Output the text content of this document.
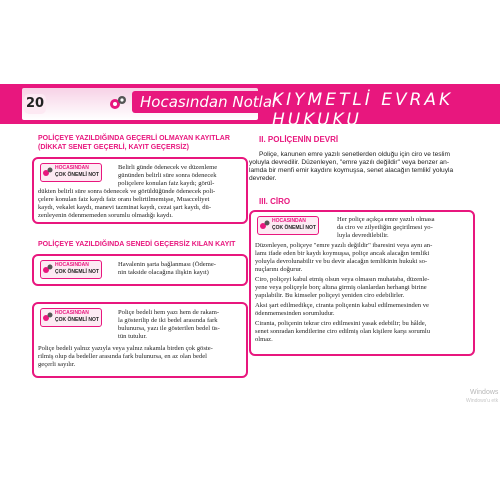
20	Hocasından Notlar
KIYMETLİ EVRAK HUKUKU
POLİÇEYE YAZILDIĞINDA GEÇERLİ OLMAYAN KAYITLAR
(DİKKAT SENET GEÇERLİ, KAYIT GEÇERSİZ)
HOCASINDAN
ÇOK ÖNEMLİ NOT
Belirli günde ödenecek ve düzenleme
gününden belirli süre sonra ödenecek
poliçelere konulan faiz kaydı; görül-
dükten belirli süre sonra ödenecek ve görüldüğünde ödenecek poli-
çelere konulan faiz kaydı faiz oranı belirtilmemişse, Muacceliyet
kaydı, vekalet kaydı, manevi tazminat kaydı, cezai şart kaydı, dü-
zenleyenin ödenmemeden sorumlu olmadığı kaydı.
POLİÇEYE YAZILDIĞINDA SENEDİ GEÇERSİZ KILAN KAYIT
HOCASINDAN
ÇOK ÖNEMLİ NOT
Havalenin şarta bağlanması (Ödeme-
nin takside olacağına ilişkin kayıt)
HOCASINDAN
ÇOK ÖNEMLİ NOT
Poliçe bedeli hem yazı hem de rakam-
la gösterilip de iki bedel arasında fark
bulunursa, yazı ile gösterilen bedel üs-
tün tutulur.
Poliçe bedeli yalnız yazıyla veya yalnız rakamla birden çok göste-
rilmiş olup da bedeller arasında fark bulunursa, en az olan bedel
geçerli sayılır.
II. POLİÇENİN DEVRİ
Poliçe, kanunen emre yazılı senetlerden olduğu için ciro ve teslim
yoluyla devredilir. Düzenleyen, "emre yazılı değildir" veya benzer an-
lamda bir menfi emir kaydını koymuşsa, senet alacağın temlikî yoluyla
devreder.
III. CİRO
HOCASINDAN
ÇOK ÖNEMLİ NOT
Her poliçe açıkça emre yazılı olmasa
da ciro ve zilyetliğin geçirilmesi yo-
luyla devredilebilir.
Düzenleyen, poliçeye "emre yazılı değildir" ibaresini veya aynı an-
lamı ifade eden bir kaydı koymuşsa, poliçe ancak alacağın temliki
yoluyla devrolunabilir ve bu devir alacağın temlikinin hukuki so-
nuçlarını doğurur.
Ciro, poliçeyi kabul etmiş olsun veya olmasın muhataba, düzenle-
yene veya poliçeyle borç altına girmiş olanlardan herhangi birine
yapılabilir. Bu kimseler poliçeyi yeniden ciro edebilirler.
Aksi şart edilmedikçe, ciranta poliçenin kabul edilmemesinden ve
ödenmemesinden sorumludur.
Ciranta, poliçenin tekrar ciro edilmesini yasak edebilir; bu hâlde,
senet sonradan kendilerine ciro edilmiş olan kişilere karşı sorumlu
olmaz.
Windows
Windows'u etk
